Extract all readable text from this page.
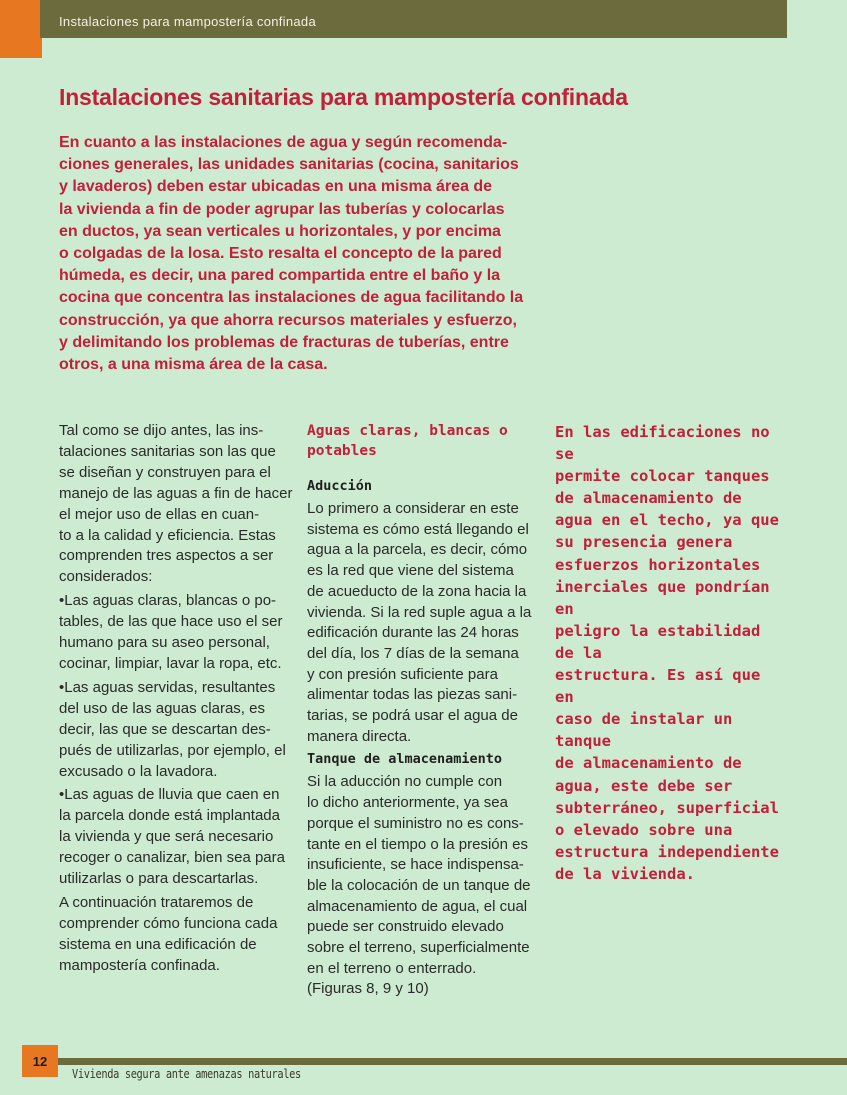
Instalaciones para mampostería confinada
Instalaciones sanitarias para mampostería confinada

En cuanto a las instalaciones de agua y según recomenda-
ciones generales, las unidades sanitarias (cocina, sanitarios
y lavaderos) deben estar ubicadas en una misma área de
la vivienda a fin de poder agrupar las tuberías y colocarlas
en ductos, ya sean verticales u horizontales, y por encima
o colgadas de la losa. Esto resalta el concepto de la pared
húmeda, es decir, una pared compartida entre el baño y la
cocina que concentra las instalaciones de agua facilitando la
construcción, ya que ahorra recursos materiales y esfuerzo,
y delimitando los problemas de fracturas de tuberías, entre
otros, a una misma área de la casa.

Tal como se dijo antes, las ins-
talaciones sanitarias son las que
se diseñan y construyen para el
manejo de las aguas a fin de hacer
el mejor uso de ellas en cuan-
to a la calidad y eficiencia. Estas
comprenden tres aspectos a ser
considerados:

•Las aguas claras, blancas o po-
tables, de las que hace uso el ser
humano para su aseo personal,
cocinar, limpiar, lavar la ropa, etc.

•Las aguas servidas, resultantes
del uso de las aguas claras, es
decir, las que se descartan des-
pués de utilizarlas, por ejemplo, el
excusado o la lavadora.

•Las aguas de lluvia que caen en
la parcela donde está implantada
la vivienda y que será necesario
recoger o canalizar, bien sea para
utilizarlas o para descartarlas.

A continuación trataremos de
comprender cómo funciona cada
sistema en una edificación de
mampostería confinada.

Aguas claras, blancas o
potables
Aducción

Lo primero a considerar en este
sistema es cómo está llegando el
agua a la parcela, es decir, cómo
es la red que viene del sistema
de acueducto de la zona hacia la
vivienda. Si la red suple agua a la
edificación durante las 24 horas
del día, los 7 días de la semana
y con presión suficiente para
alimentar todas las piezas sani-
tarias, se podrá usar el agua de
manera directa.

Tanque de almacenamiento

Si la aducción no cumple con
lo dicho anteriormente, ya sea
porque el suministro no es cons-
tante en el tiempo o la presión es
insuficiente, se hace indispensa-
ble la colocación de un tanque de
almacenamiento de agua, el cual
puede ser construido elevado
sobre el terreno, superficialmente
en el terreno o enterrado.
(Figuras 8, 9 y 10)

En las edificaciones no se
permite colocar tanques
de almacenamiento de
agua en el techo, ya que
su presencia genera
esfuerzos horizontales
inerciales que pondrían en
peligro la estabilidad de la
estructura. Es así que en
caso de instalar un tanque
de almacenamiento de
agua, este debe ser
subterráneo, superficial
o elevado sobre una
estructura independiente
de la vivienda.

12
Vivienda segura ante amenazas naturales
